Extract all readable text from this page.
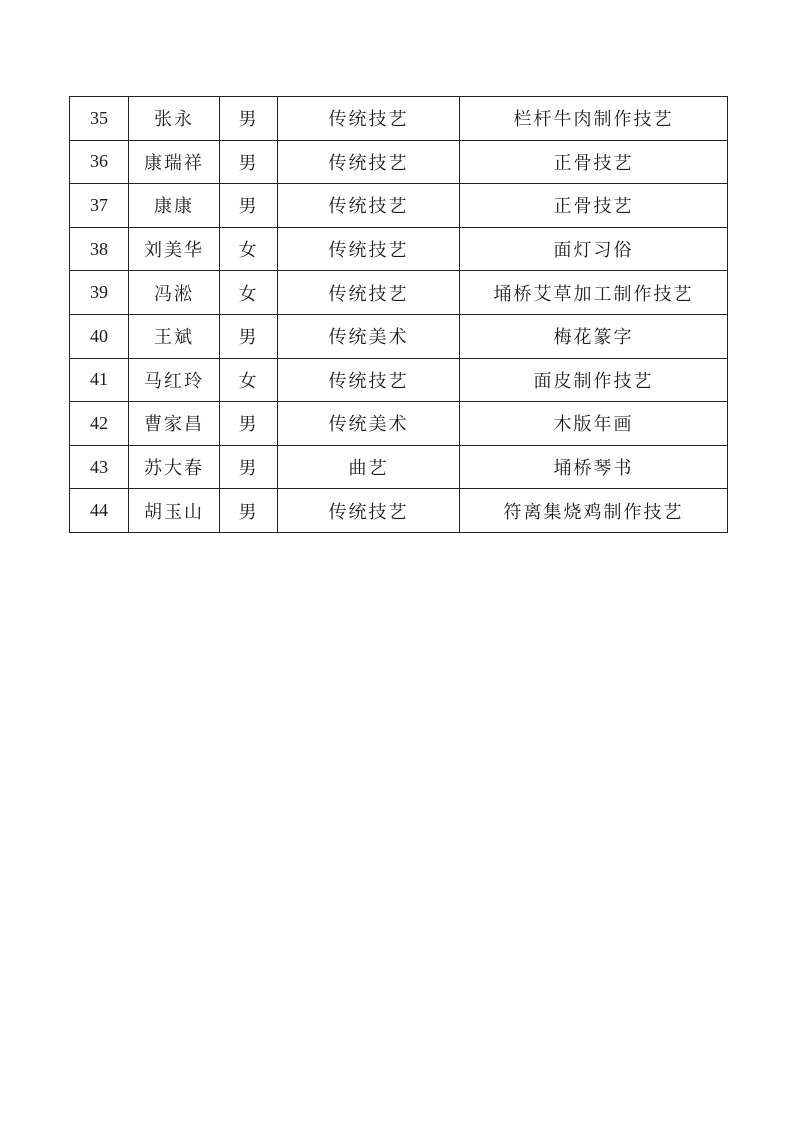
35	张永	男	传统技艺	栏杆牛肉制作技艺
36	康瑞祥	男	传统技艺	正骨技艺
37	康康	男	传统技艺	正骨技艺
38	刘美华	女	传统技艺	面灯习俗
39	冯淞	女	传统技艺	埇桥艾草加工制作技艺
40	王斌	男	传统美术	梅花篆字
41	马红玲	女	传统技艺	面皮制作技艺
42	曹家昌	男	传统美术	木版年画
43	苏大春	男	曲艺	埇桥琴书
44	胡玉山	男	传统技艺	符离集烧鸡制作技艺
